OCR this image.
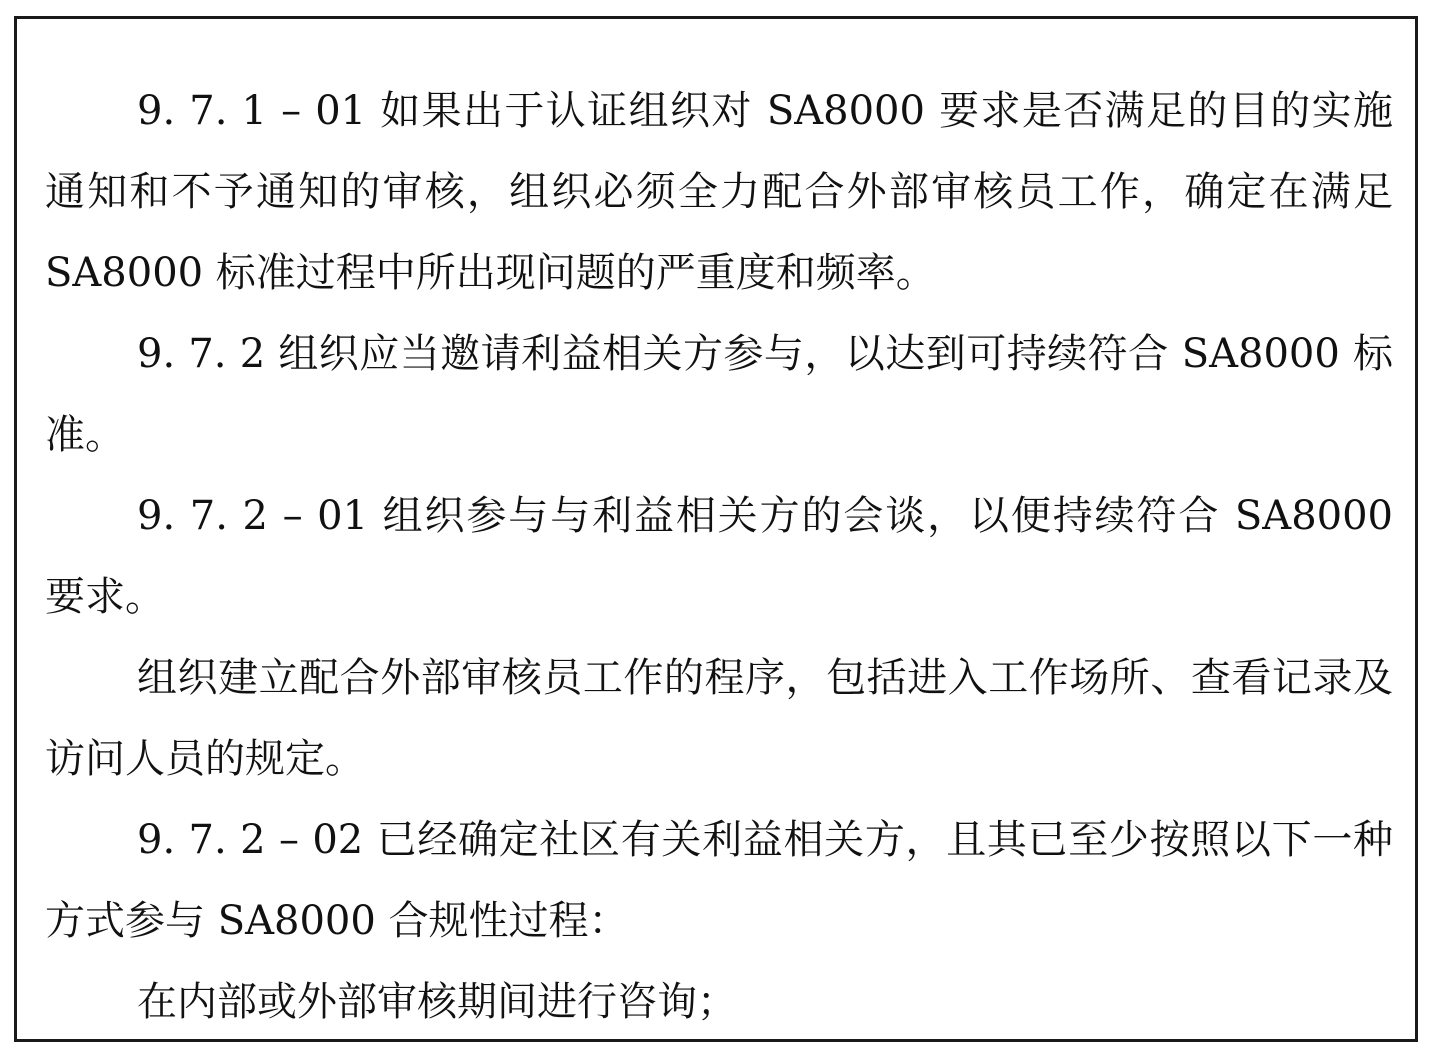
9. 7. 1 – 01 如果出于认证组织对 SA8000 要求是否满足的目的实施通知和不予通知的审核，组织必须全力配合外部审核员工作，确定在满足 SA8000 标准过程中所出现问题的严重度和频率。

9. 7. 2 组织应当邀请利益相关方参与，以达到可持续符合 SA8000 标准。

9. 7. 2 – 01 组织参与与利益相关方的会谈，以便持续符合 SA8000 要求。

组织建立配合外部审核员工作的程序，包括进入工作场所、查看记录及访问人员的规定。

9. 7. 2 – 02 已经确定社区有关利益相关方，且其已至少按照以下一种方式参与 SA8000 合规性过程：

在内部或外部审核期间进行咨询；
